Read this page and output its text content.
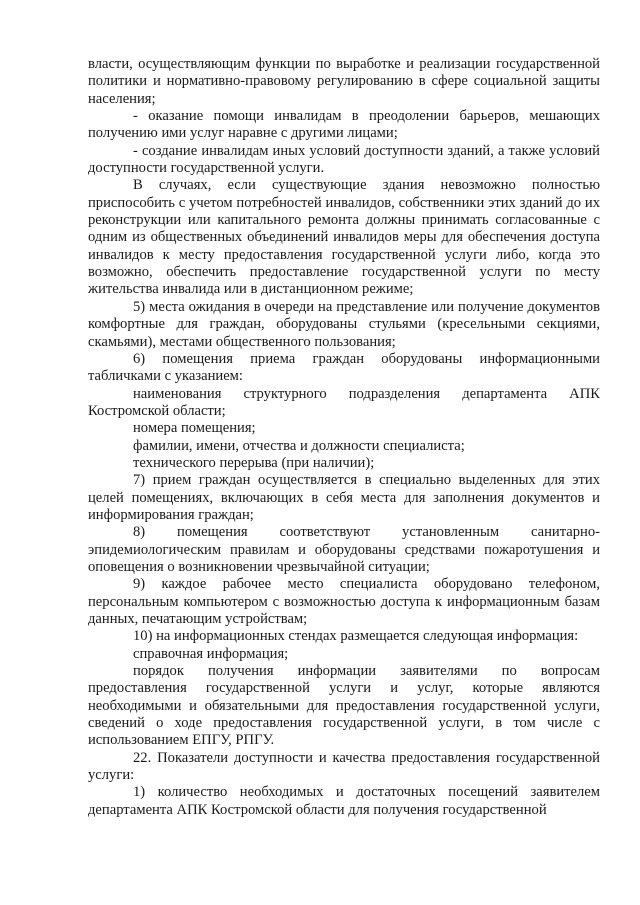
власти, осуществляющим функции по выработке и реализации государственной политики и нормативно-правовому регулированию в сфере социальной защиты населения;

- оказание помощи инвалидам в преодолении барьеров, мешающих получению ими услуг наравне с другими лицами;

- создание инвалидам иных условий доступности зданий, а также условий доступности государственной услуги.

В случаях, если существующие здания невозможно полностью приспособить с учетом потребностей инвалидов, собственники этих зданий до их реконструкции или капитального ремонта должны принимать согласованные с одним из общественных объединений инвалидов меры для обеспечения доступа инвалидов к месту предоставления государственной услуги либо, когда это возможно, обеспечить предоставление государственной услуги по месту жительства инвалида или в дистанционном режиме;

5) места ожидания в очереди на представление или получение документов комфортные для граждан, оборудованы стульями (кресельными секциями, скамьями), местами общественного пользования;

6) помещения приема граждан оборудованы информационными табличками с указанием:

наименования структурного подразделения департамента АПК Костромской области;

номера помещения;

фамилии, имени, отчества и должности специалиста;

технического перерыва (при наличии);

7) прием граждан осуществляется в специально выделенных для этих целей помещениях, включающих в себя места для заполнения документов и информирования граждан;

8) помещения соответствуют установленным санитарно-эпидемиологическим правилам и оборудованы средствами пожаротушения и оповещения о возникновении чрезвычайной ситуации;

9) каждое рабочее место специалиста оборудовано телефоном, персональным компьютером с возможностью доступа к информационным базам данных, печатающим устройствам;

10) на информационных стендах размещается следующая информация:

справочная информация;

порядок получения информации заявителями по вопросам предоставления государственной услуги и услуг, которые являются необходимыми и обязательными для предоставления государственной услуги, сведений о ходе предоставления государственной услуги, в том числе с использованием ЕПГУ, РПГУ.

22. Показатели доступности и качества предоставления государственной услуги:

1) количество необходимых и достаточных посещений заявителем департамента АПК Костромской области для получения государственной
